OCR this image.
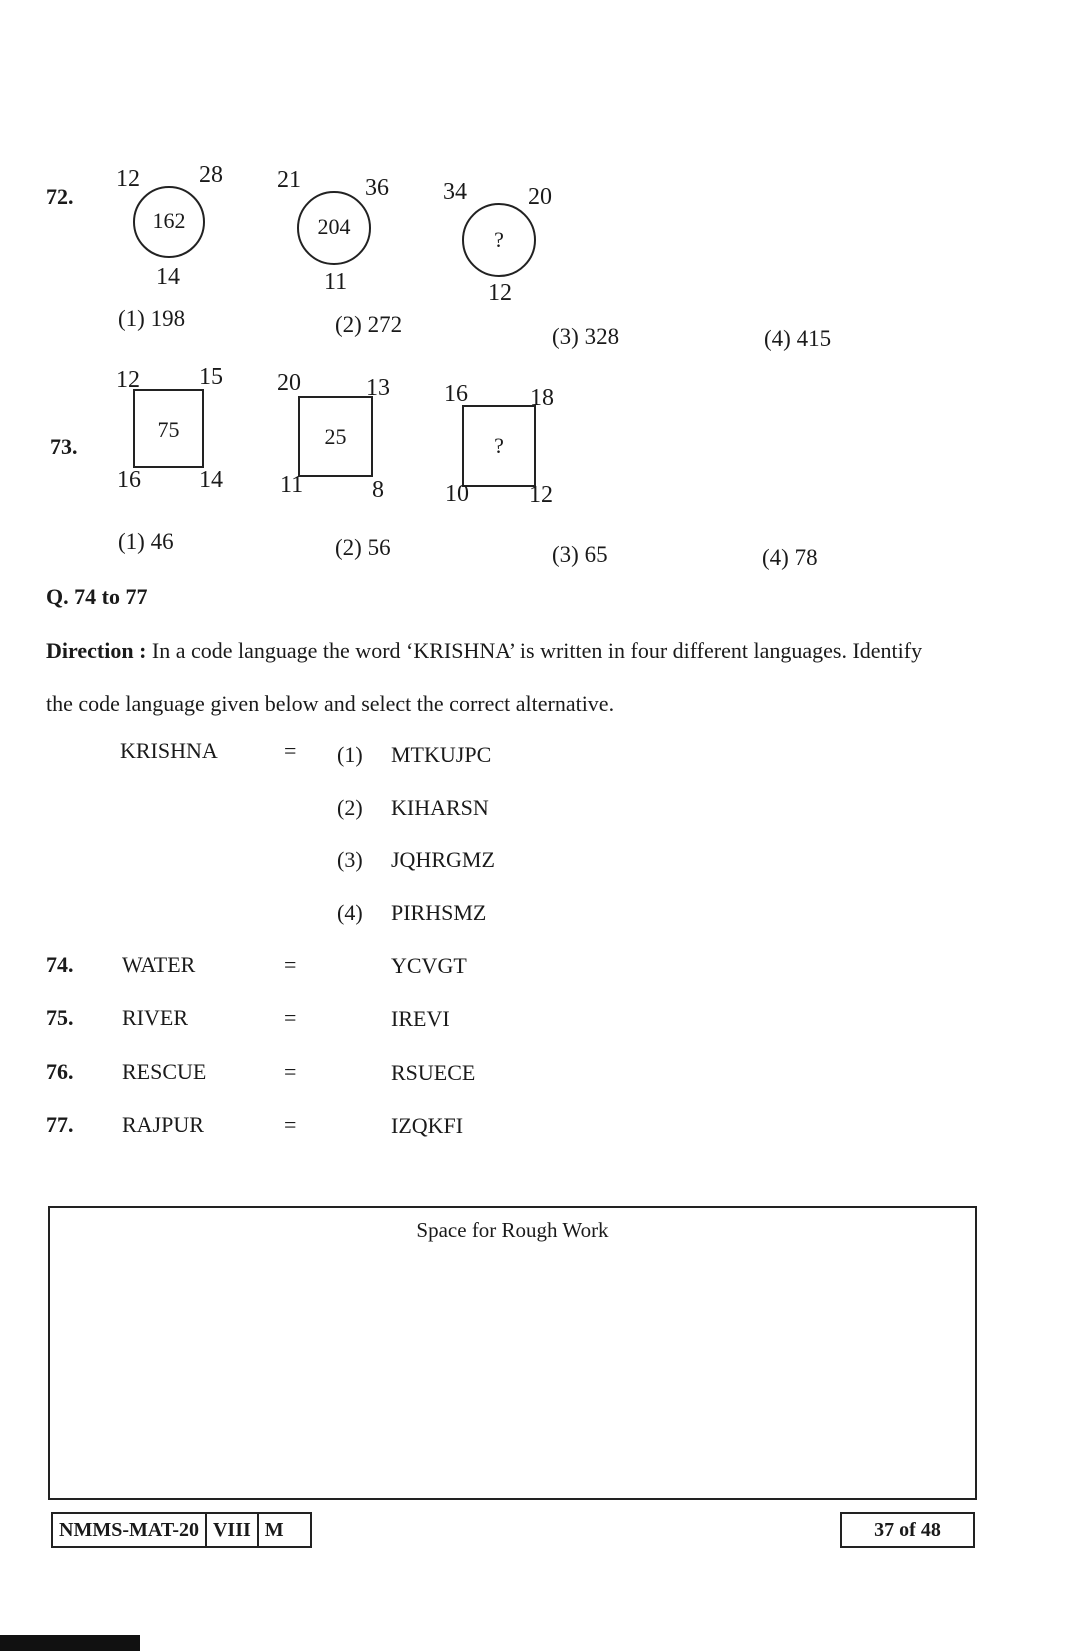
72.
12 28
162
14
21	36
204
11
34	20
?
12
(1) 198	(2) 272	(3) 328	(4) 415
73.
12 15
75
16 14
20	13
25
11	8
16	18
?
10	12
(1) 46	(2) 56	(3) 65	(4) 78
Q. 74 to 77
Direction : In a code language the word ‘KRISHNA’ is written in four different languages. Identify
the code language given below and select the correct alternative.
KRISHNA	= (1) MTKUJPC
(2) KIHARSN
(3) JQHRGMZ
(4) PIRHSMZ
74. WATER	=	YCVGT
75. RIVER	=	IREVI
76. RESCUE	=	RSUECE
77. RAJPUR	=	IZQKFI
Space for Rough Work
NMMS-MAT-20 VIII M	37 of 48
